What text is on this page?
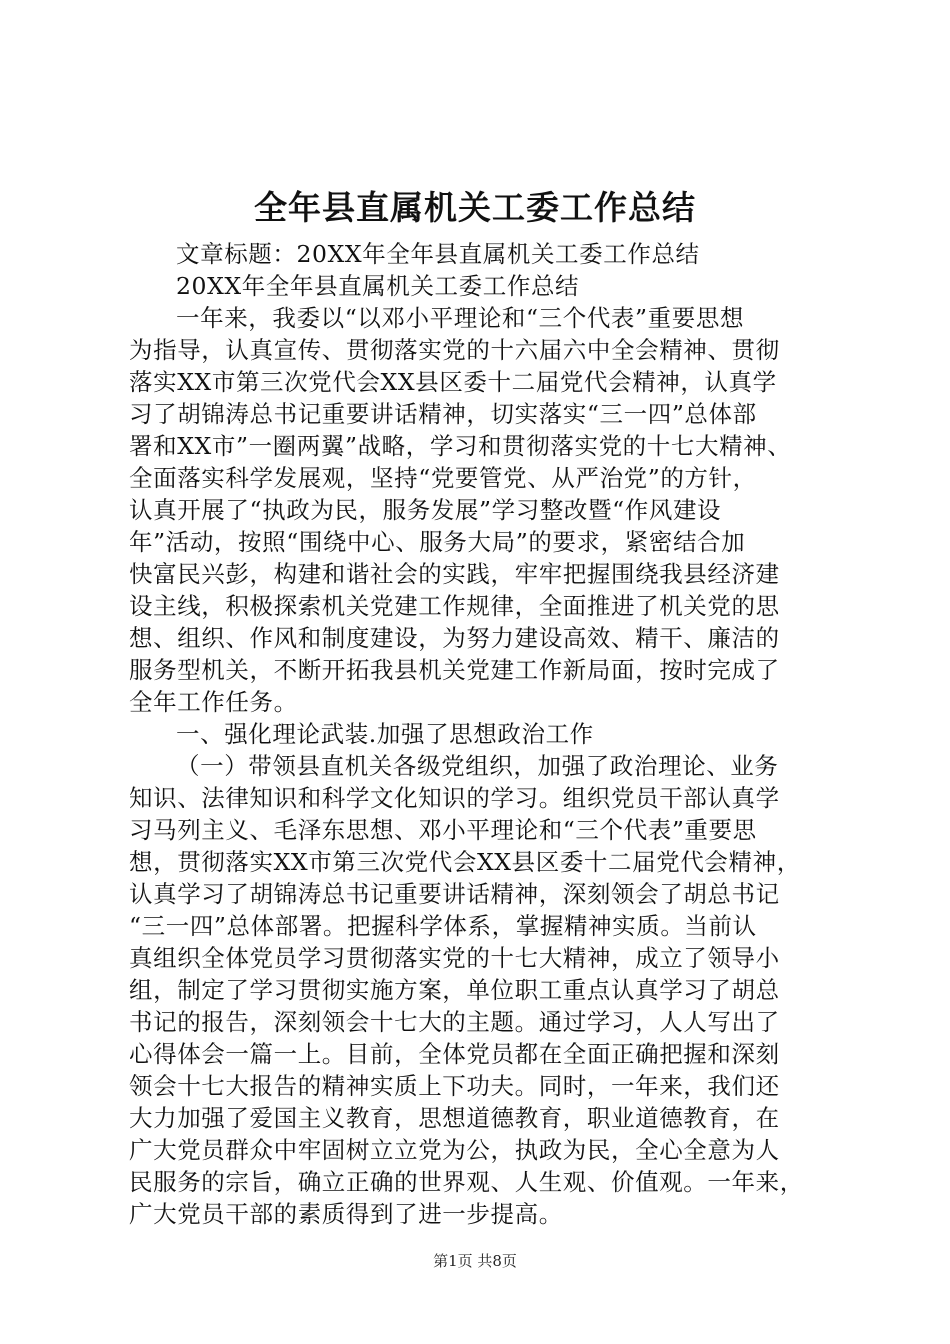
全年县直属机关工委工作总结
文章标题：20XX年全年县直属机关工委工作总结
20XX年全年县直属机关工委工作总结
一年来，我委以“以邓小平理论和“三个代表”重要思想
为指导，认真宣传、贯彻落实党的十六届六中全会精神、贯彻
落实XX市第三次党代会XX县区委十二届党代会精神，认真学
习了胡锦涛总书记重要讲话精神，切实落实“三一四”总体部
署和XX市”一圈两翼”战略，学习和贯彻落实党的十七大精神、
全面落实科学发展观，坚持“党要管党、从严治党”的方针，
认真开展了“执政为民，服务发展”学习整改暨“作风建设
年”活动，按照“围绕中心、服务大局”的要求，紧密结合加
快富民兴彭，构建和谐社会的实践，牢牢把握围绕我县经济建
设主线，积极探索机关党建工作规律，全面推进了机关党的思
想、组织、作风和制度建设，为努力建设高效、精干、廉洁的
服务型机关，不断开拓我县机关党建工作新局面，按时完成了
全年工作任务。
一、强化理论武装.加强了思想政治工作
（一）带领县直机关各级党组织，加强了政治理论、业务
知识、法律知识和科学文化知识的学习。组织党员干部认真学
习马列主义、毛泽东思想、邓小平理论和“三个代表”重要思
想，贯彻落实XX市第三次党代会XX县区委十二届党代会精神，
认真学习了胡锦涛总书记重要讲话精神，深刻领会了胡总书记
“三一四”总体部署。把握科学体系，掌握精神实质。当前认
真组织全体党员学习贯彻落实党的十七大精神，成立了领导小
组，制定了学习贯彻实施方案，单位职工重点认真学习了胡总
书记的报告，深刻领会十七大的主题。通过学习，人人写出了
心得体会一篇一上。目前，全体党员都在全面正确把握和深刻
领会十七大报告的精神实质上下功夫。同时，一年来，我们还
大力加强了爱国主义教育，思想道德教育，职业道德教育，在
广大党员群众中牢固树立立党为公，执政为民，全心全意为人
民服务的宗旨，确立正确的世界观、人生观、价值观。一年来，
广大党员干部的素质得到了进一步提高。
第1页 共8页
